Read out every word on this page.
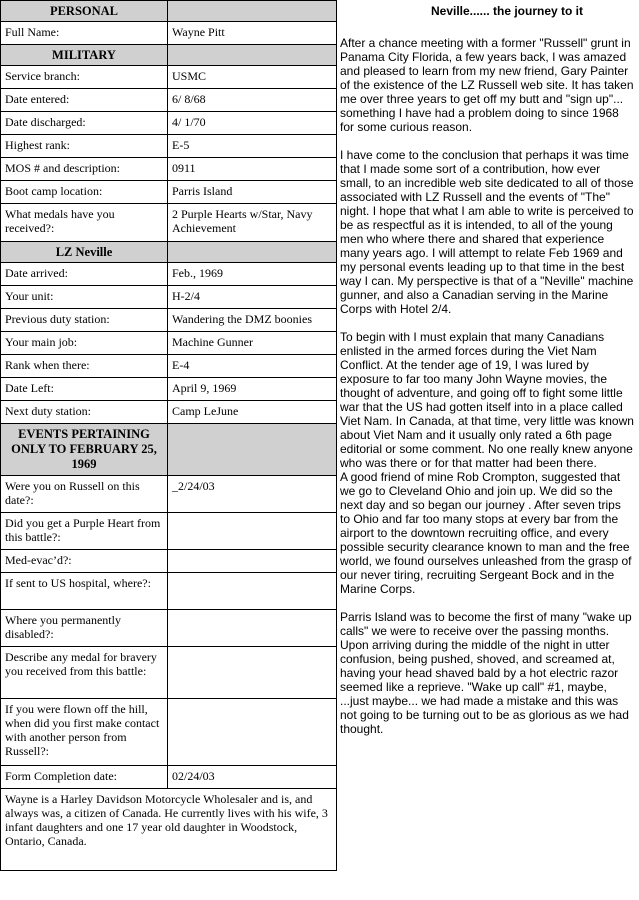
PERSONAL	
Full Name:	Wayne Pitt
MILITARY	
Service branch:	USMC
Date entered:	6/ 8/68
Date discharged:	4/ 1/70
Highest rank:	E-5
MOS # and description:	0911
Boot camp location:	Parris Island
What medals have you received?:	2 Purple Hearts w/Star, Navy Achievement
LZ Neville	
Date arrived:	Feb., 1969
Your unit:	H-2/4
Previous duty station:	Wandering the DMZ boonies
Your main job:	Machine Gunner
Rank when there:	E-4
Date Left:	April 9, 1969
Next duty station:	Camp LeJune
EVENTS PERTAINING ONLY TO FEBRUARY 25, 1969	
Were you on Russell on this date?:	_2/24/03
Did you get a Purple Heart from this battle?:	
Med-evac’d?:	
If sent to US hospital, where?:	
Where you permanently disabled?:	
Describe any medal for bravery you received from this battle:	
If you were flown off the hill, when did you first make contact with another person from Russell?:	
Form Completion date:	02/24/03
Wayne is a Harley Davidson Motorcycle Wholesaler and is, and always was, a citizen of Canada. He currently lives with his wife, 3 infant daughters and one 17 year old daughter in Woodstock, Ontario, Canada.	
Neville...... the journey to it

After a chance meeting with a former "Russell" grunt in Panama City Florida, a few years back, I was amazed and pleased to learn from my new friend, Gary Painter of the existence of the LZ Russell web site. It has taken me over three years to get off my butt and "sign up"... something I have had a problem doing to since 1968 for some curious reason.

I have come to the conclusion that perhaps it was time that I made some sort of a contribution, how ever small, to an incredible web site dedicated to all of those associated with LZ Russell and the events of "The" night. I hope that what I am able to write is perceived to be as respectful as it is intended, to all of the young men who where there and shared that experience many years ago. I will attempt to relate Feb 1969 and my personal events leading up to that time in the best way I can. My perspective is that of a "Neville" machine gunner, and also a Canadian serving in the Marine Corps with Hotel 2/4.

To begin with I must explain that many Canadians enlisted in the armed forces during the Viet Nam Conflict. At the tender age of 19, I was lured by exposure to far too many John Wayne movies, the thought of adventure, and going off to fight some little war that the US had gotten itself into in a place called Viet Nam. In Canada, at that time, very little was known about Viet Nam and it usually only rated a 6th page editorial or some comment. No one really knew anyone who was there or for that matter had been there.

A good friend of mine Rob Crompton, suggested that we go to Cleveland Ohio and join up. We did so the next day and so began our journey . After seven trips to Ohio and far too many stops at every bar from the airport to the downtown recruiting office, and every possible security clearance known to man and the free world, we found ourselves unleashed from the grasp of our never tiring, recruiting Sergeant Bock and in the Marine Corps.

Parris Island was to become the first of many "wake up calls" we were to receive over the passing months. Upon arriving during the middle of the night in utter confusion, being pushed, shoved, and screamed at, having your head shaved bald by a hot electric razor seemed like a reprieve. "Wake up call" #1, maybe, ...just maybe... we had made a mistake and this was not going to be turning out to be as glorious as we had thought.
